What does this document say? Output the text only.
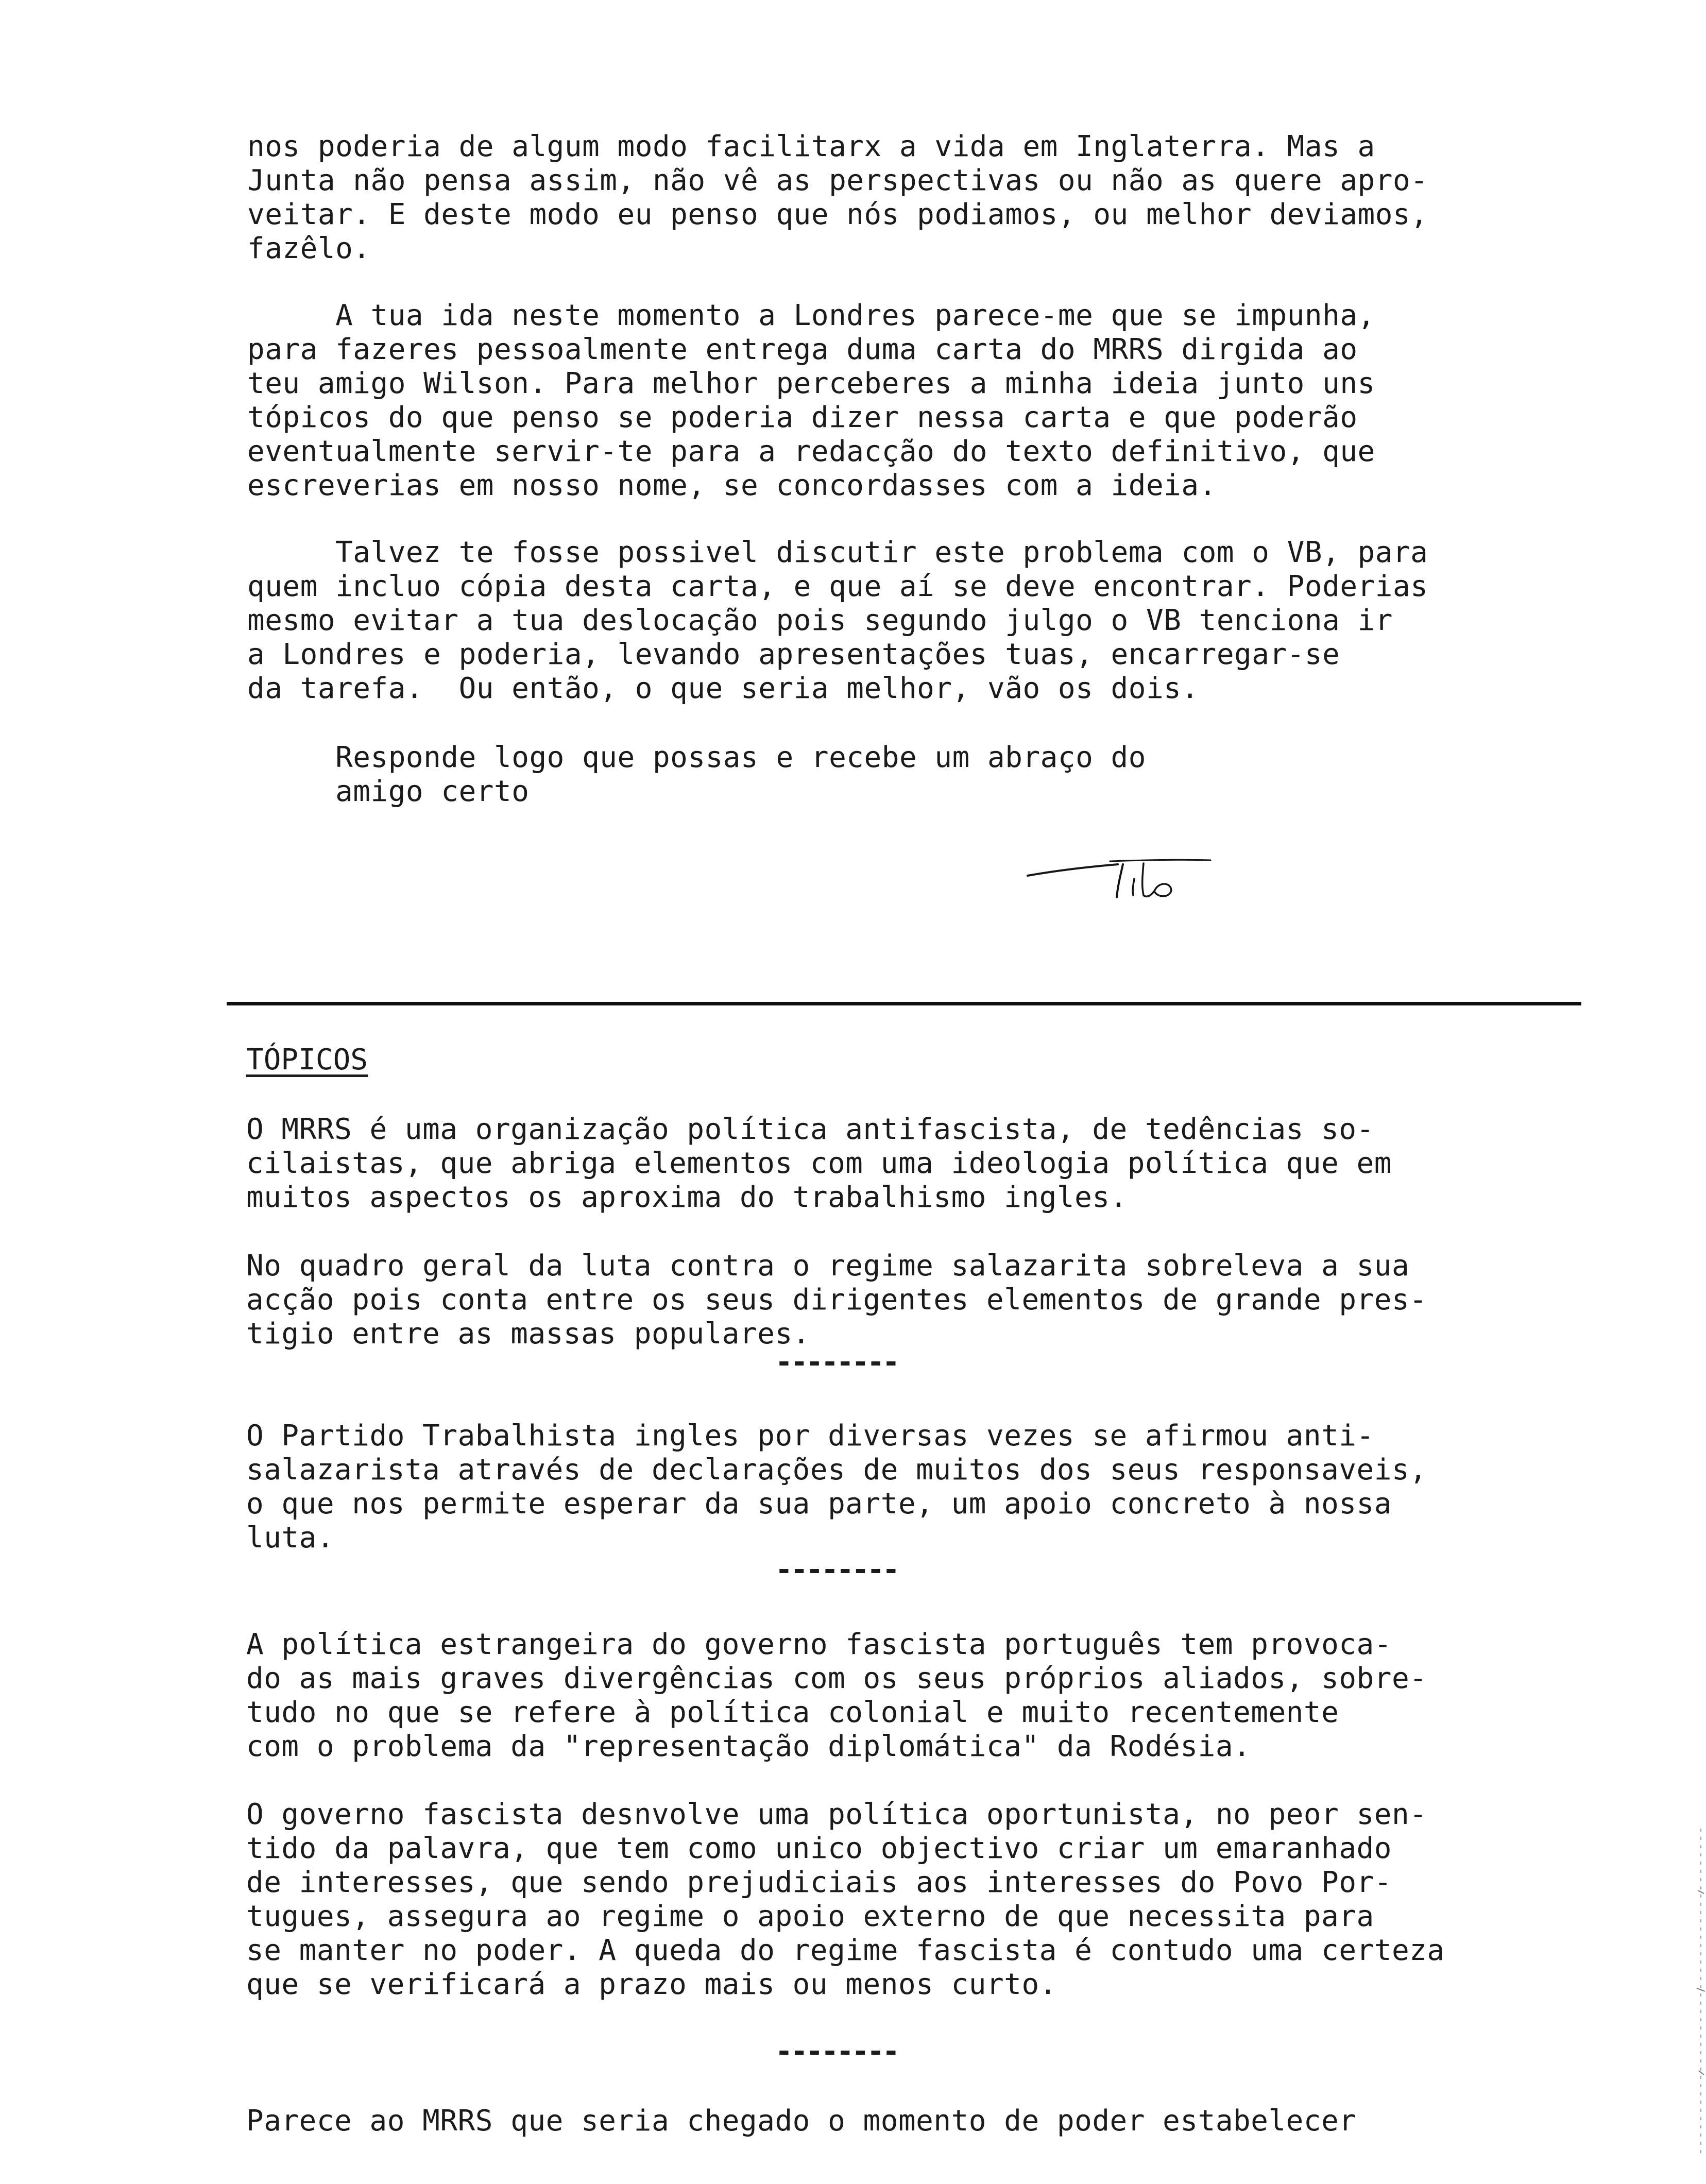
nos poderia de algum modo facilitarx a vida em Inglaterra. Mas a
Junta não pensa assim, não vê as perspectivas ou não as quere apro-
veitar. E deste modo eu penso que nós podiamos, ou melhor deviamos,
fazêlo.

A tua ida neste momento a Londres parece-me que se impunha,
para fazeres pessoalmente entrega duma carta do MRRS dirgida ao
teu amigo Wilson. Para melhor perceberes a minha ideia junto uns
tópicos do que penso se poderia dizer nessa carta e que poderão
eventualmente servir-te para a redacção do texto definitivo, que
escreverias em nosso nome, se concordasses com a ideia.

Talvez te fosse possivel discutir este problema com o VB, para
quem incluo cópia desta carta, e que aí se deve encontrar. Poderias
mesmo evitar a tua deslocação pois segundo julgo o VB tenciona ir
a Londres e poderia, levando apresentações tuas, encarregar-se
da tarefa.  Ou então, o que seria melhor, vão os dois.

Responde logo que possas e recebe um abraço do
amigo certo

TÓPICOS

O MRRS é uma organização política antifascista, de tedências so-
cilaistas, que abriga elementos com uma ideologia política que em
muitos aspectos os aproxima do trabalhismo ingles.

No quadro geral da luta contra o regime salazarita sobreleva a sua
acção pois conta entre os seus dirigentes elementos de grande pres-
tigio entre as massas populares.

--------

O Partido Trabalhista ingles por diversas vezes se afirmou anti-
salazarista através de declarações de muitos dos seus responsaveis,
o que nos permite esperar da sua parte, um apoio concreto à nossa
luta.

--------

A política estrangeira do governo fascista português tem provoca-
do as mais graves divergências com os seus próprios aliados, sobre-
tudo no que se refere à política colonial e muito recentemente
com o problema da "representação diplomática" da Rodésia.

O governo fascista desnvolve uma política oportunista, no peor sen-
tido da palavra, que tem como unico objectivo criar um emaranhado
de interesses, que sendo prejudiciais aos interesses do Povo Por-
tugues, assegura ao regime o apoio externo de que necessita para
se manter no poder. A queda do regime fascista é contudo uma certeza
que se verificará a prazo mais ou menos curto.

--------

Parece ao MRRS que seria chegado o momento de poder estabelecer
